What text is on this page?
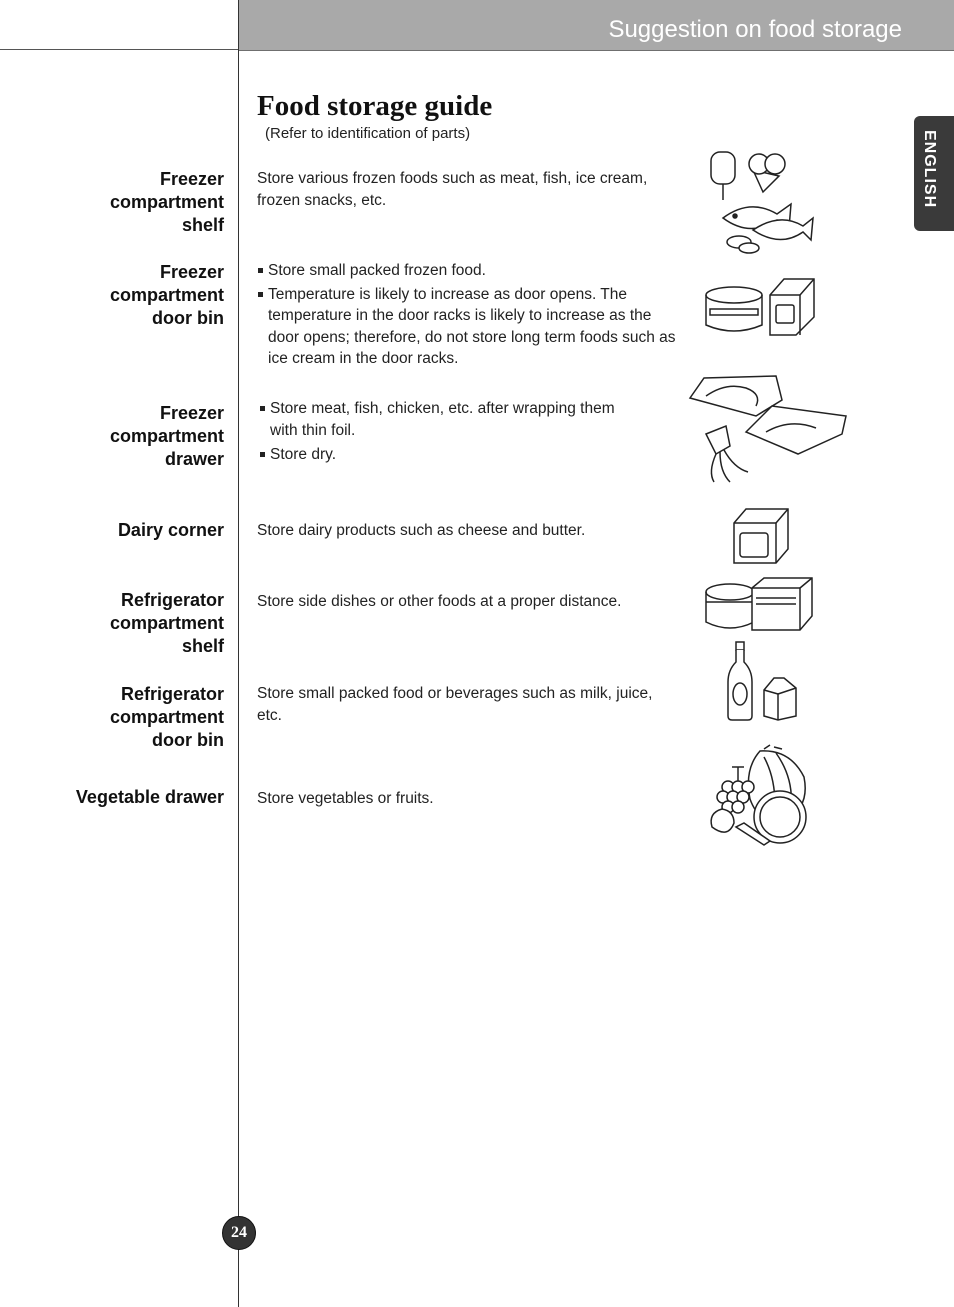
Suggestion on food storage
ENGLISH
Food storage guide
(Refer to identification of parts)
Freezer
compartment
shelf
Store various frozen foods such as meat, fish, ice cream, frozen snacks, etc.
Freezer
compartment
door bin
Store small packed frozen food.
Temperature is likely to increase as door opens. The temperature in the door racks is likely to increase as the door opens; therefore, do not store long term foods such as ice cream in the door racks.
Freezer
compartment
drawer
Store meat, fish, chicken, etc. after wrapping them with thin foil.
Store dry.
Dairy corner Store dairy products such as cheese and butter.
Refrigerator
compartment
shelf
Store side dishes or other foods at a proper distance.
Refrigerator
compartment
door bin
Store small packed food or beverages such as milk, juice, etc.
Vegetable drawer Store vegetables or fruits.
24
